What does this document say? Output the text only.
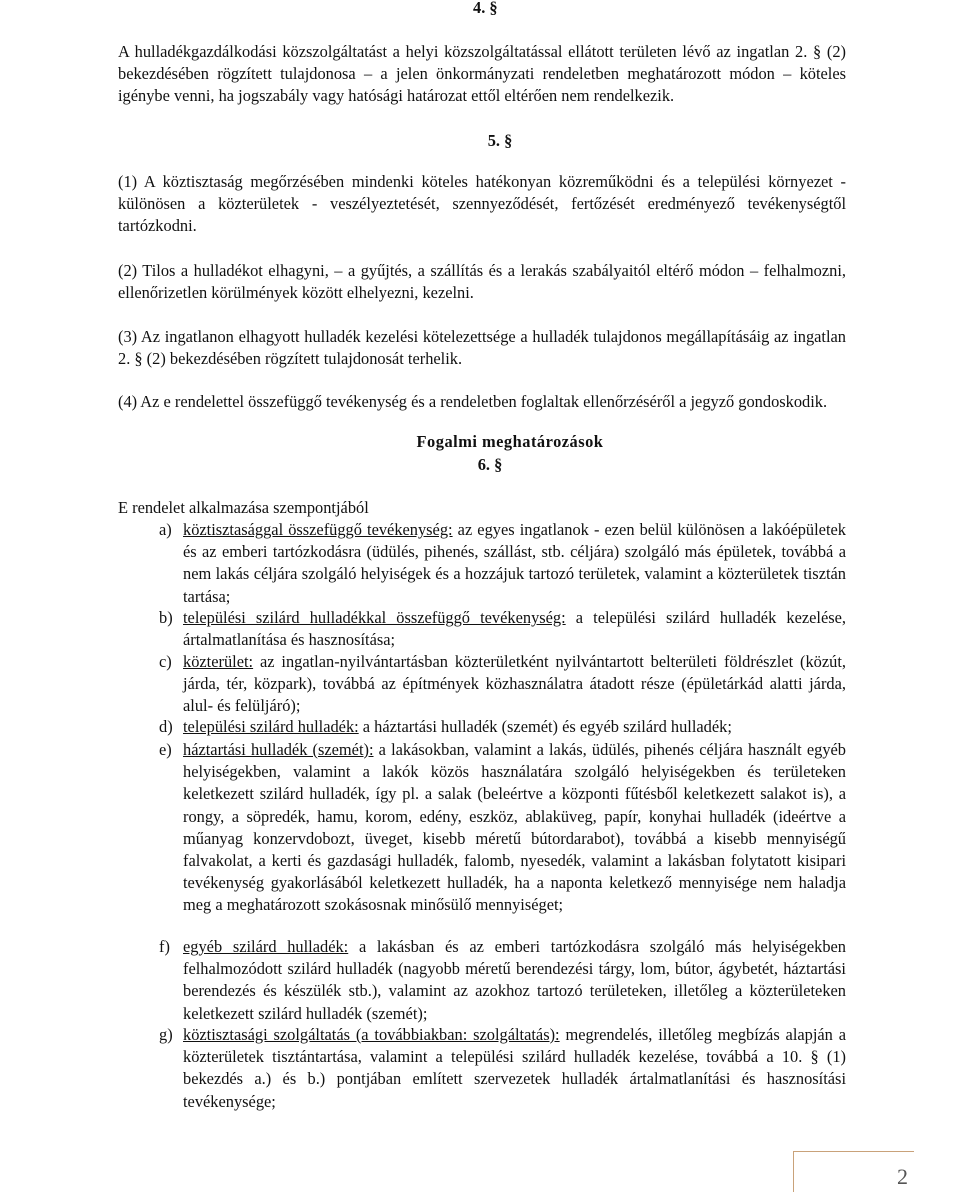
4. §

A hulladékgazdálkodási közszolgáltatást a helyi közszolgáltatással ellátott területen lévő az ingatlan 2. § (2) bekezdésében rögzített tulajdonosa – a jelen önkormányzati rendeletben meghatározott módon – köteles igénybe venni, ha jogszabály vagy hatósági határozat ettől eltérően nem rendelkezik.

5. §

(1) A köztisztaság megőrzésében mindenki köteles hatékonyan közreműködni és a települési környezet -különösen a közterületek - veszélyeztetését, szennyeződését, fertőzését eredményező tevékenységtől tartózkodni.

(2) Tilos a hulladékot elhagyni, – a gyűjtés, a szállítás és a lerakás szabályaitól eltérő módon – felhalmozni, ellenőrizetlen körülmények között elhelyezni, kezelni.

(3) Az ingatlanon elhagyott hulladék kezelési kötelezettsége a hulladék tulajdonos megállapításáig az ingatlan 2. § (2) bekezdésében rögzített tulajdonosát terhelik.

(4) Az e rendelettel összefüggő tevékenység és a rendeletben foglaltak ellenőrzéséről a jegyző gondoskodik.

Fogalmi meghatározások

6. §

E rendelet alkalmazása szempontjából

a) köztisztasággal összefüggő tevékenység: az egyes ingatlanok - ezen belül különösen a lakóépületek és az emberi tartózkodásra (üdülés, pihenés, szállást, stb. céljára) szolgáló más épületek, továbbá a nem lakás céljára szolgáló helyiségek és a hozzájuk tartozó területek, valamint a közterületek tisztán tartása;

b) települési szilárd hulladékkal összefüggő tevékenység: a települési szilárd hulladék kezelése, ártalmatlanítása és hasznosítása;

c) közterület: az ingatlan-nyilvántartásban közterületként nyilvántartott belterületi földrészlet (közút, járda, tér, közpark), továbbá az építmények közhasználatra átadott része (épületárkád alatti járda, alul- és felüljáró);

d) települési szilárd hulladék: a háztartási hulladék (szemét) és egyéb szilárd hulladék;

e) háztartási hulladék (szemét): a lakásokban, valamint a lakás, üdülés, pihenés céljára használt egyéb helyiségekben, valamint a lakók közös használatára szolgáló helyiségekben és területeken keletkezett szilárd hulladék, így pl. a salak (beleértve a központi fűtésből keletkezett salakot is), a rongy, a söpredék, hamu, korom, edény, eszköz, ablaküveg, papír, konyhai hulladék (ideértve a műanyag konzervdobozt, üveget, kisebb méretű bútordarabot), továbbá a kisebb mennyiségű falvakolat, a kerti és gazdasági hulladék, falomb, nyesedék, valamint a lakásban folytatott kisipari tevékenység gyakorlásából keletkezett hulladék, ha a naponta keletkező mennyisége nem haladja meg a meghatározott szokásosnak minősülő mennyiséget;

f) egyéb szilárd hulladék: a lakásban és az emberi tartózkodásra szolgáló más helyiségekben felhalmozódott szilárd hulladék (nagyobb méretű berendezési tárgy, lom, bútor, ágybetét, háztartási berendezés és készülék stb.), valamint az azokhoz tartozó területeken, illetőleg a közterületeken keletkezett szilárd hulladék (szemét);

g) köztisztasági szolgáltatás (a továbbiakban: szolgáltatás): megrendelés, illetőleg megbízás alapján a közterületek tisztántartása, valamint a települési szilárd hulladék kezelése, továbbá a 10. § (1) bekezdés a.) és b.) pontjában említett szervezetek hulladék ártalmatlanítási és hasznosítási tevékenysége;

2
